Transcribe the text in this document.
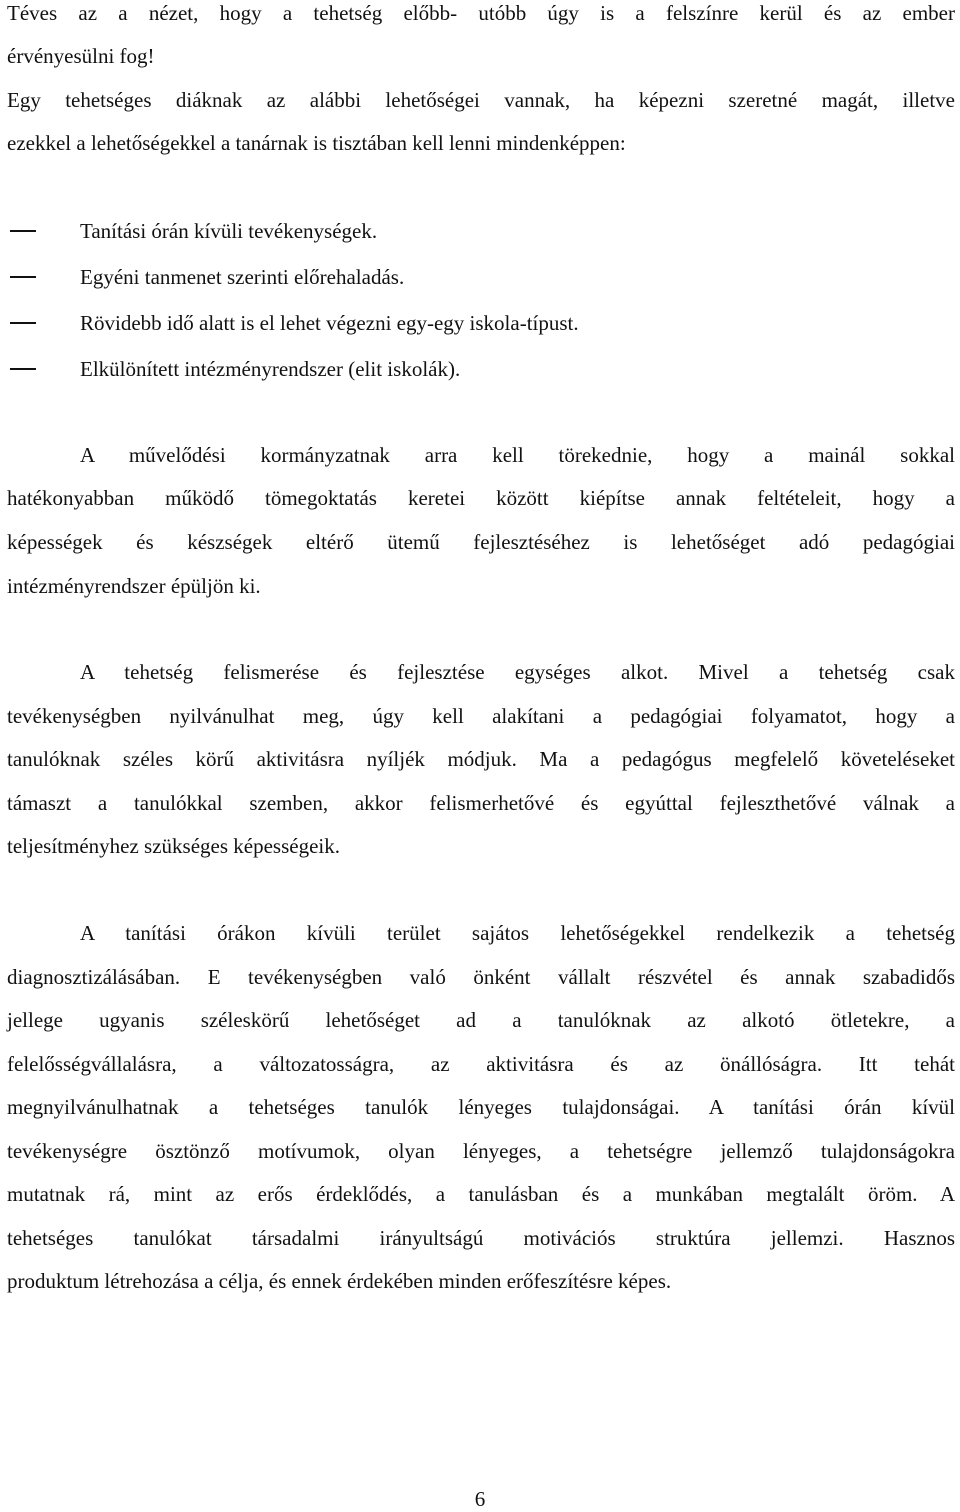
Téves az a nézet, hogy a tehetség előbb- utóbb úgy is a felszínre kerül és az ember
érvényesülni fog!
Egy tehetséges diáknak az alábbi lehetőségei vannak, ha képezni szeretné magát, illetve
ezekkel a lehetőségekkel a tanárnak is tisztában kell lenni mindenképpen:
Tanítási órán kívüli tevékenységek.
Egyéni tanmenet szerinti előrehaladás.
Rövidebb idő alatt is el lehet végezni egy-egy iskola-típust.
Elkülönített intézményrendszer (elit iskolák).
A művelődési kormányzatnak arra kell törekednie, hogy a mainál sokkal
hatékonyabban működő tömegoktatás keretei között kiépítse annak feltételeit, hogy a
képességek és készségek eltérő ütemű fejlesztéséhez is lehetőséget adó pedagógiai
intézményrendszer épüljön ki.
A tehetség felismerése és fejlesztése egységes alkot. Mivel a tehetség csak
tevékenységben nyilvánulhat meg, úgy kell alakítani a pedagógiai folyamatot, hogy a
tanulóknak széles körű aktivitásra nyíljék módjuk. Ma a pedagógus megfelelő követeléseket
támaszt a tanulókkal szemben, akkor felismerhetővé és egyúttal fejleszthetővé válnak a
teljesítményhez szükséges képességeik.
A tanítási órákon kívüli terület sajátos lehetőségekkel rendelkezik a tehetség
diagnosztizálásában. E tevékenységben való önként vállalt részvétel és annak szabadidős
jellege ugyanis széleskörű lehetőséget ad a tanulóknak az alkotó ötletekre, a
felelősségvállalásra, a változatosságra, az aktivitásra és az önállóságra. Itt tehát
megnyilvánulhatnak a tehetséges tanulók lényeges tulajdonságai. A tanítási órán kívül
tevékenységre ösztönző motívumok, olyan lényeges, a tehetségre jellemző tulajdonságokra
mutatnak rá, mint az erős érdeklődés, a tanulásban és a munkában megtalált öröm. A
tehetséges tanulókat társadalmi irányultságú motivációs struktúra jellemzi. Hasznos
produktum létrehozása a célja, és ennek érdekében minden erőfeszítésre képes.
6
